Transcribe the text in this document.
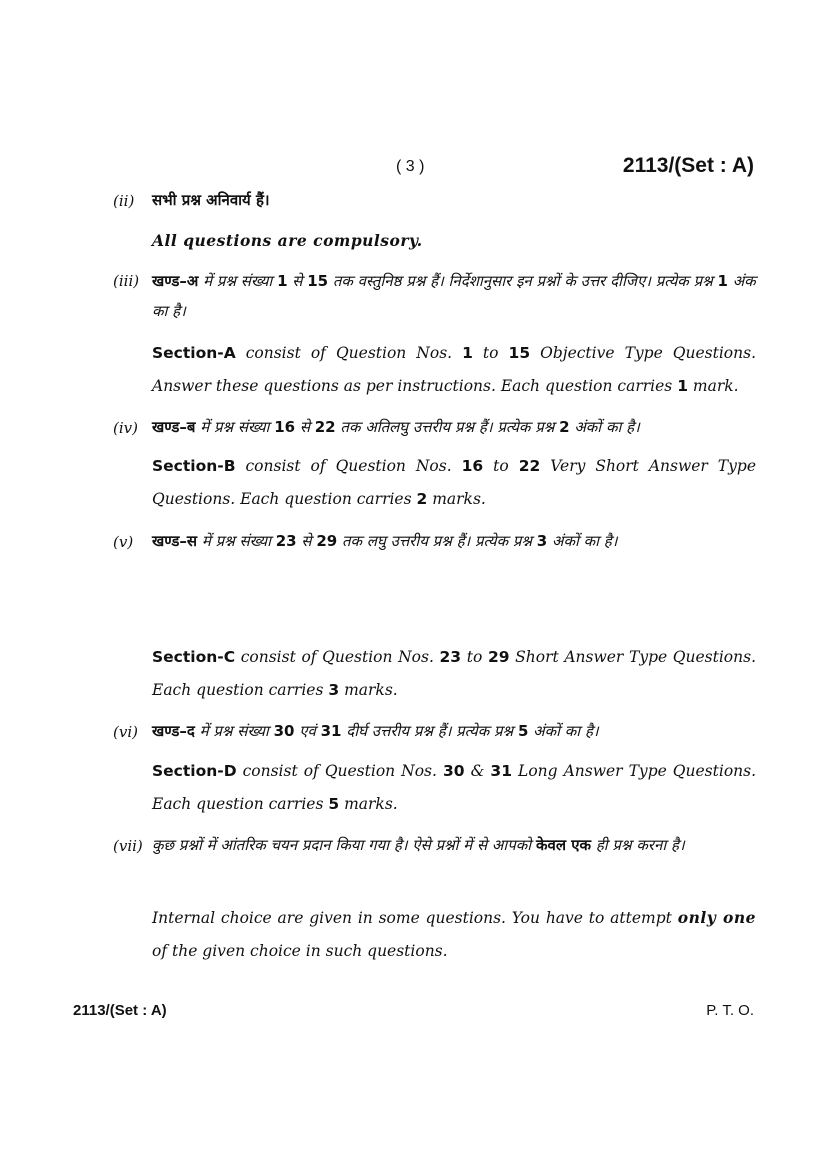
( 3 )	2113/(Set : A)
(ii) सभी प्रश्न अनिवार्य हैं।
All questions are compulsory.
(iii) खण्ड–अ में प्रश्न संख्या 1 से 15 तक वस्तुनिष्ठ प्रश्न हैं। निर्देशानुसार इन प्रश्नों के उत्तर दीजिए। प्रत्येक प्रश्न 1 अंक का है।
Section-A consist of Question Nos. 1 to 15 Objective Type Questions. Answer these questions as per instructions. Each question carries 1 mark.
(iv) खण्ड–ब में प्रश्न संख्या 16 से 22 तक अतिलघु उत्तरीय प्रश्न हैं। प्रत्येक प्रश्न 2 अंकों का है।
Section-B consist of Question Nos. 16 to 22 Very Short Answer Type Questions. Each question carries 2 marks.
(v) खण्ड–स में प्रश्न संख्या 23 से 29 तक लघु उत्तरीय प्रश्न हैं। प्रत्येक प्रश्न 3 अंकों का है।
Section-C consist of Question Nos. 23 to 29 Short Answer Type Questions. Each question carries 3 marks.
(vi) खण्ड–द में प्रश्न संख्या 30 एवं 31 दीर्घ उत्तरीय प्रश्न हैं। प्रत्येक प्रश्न 5 अंकों का है।
Section-D consist of Question Nos. 30 & 31 Long Answer Type Questions. Each question carries 5 marks.
(vii) कुछ प्रश्नों में आंतरिक चयन प्रदान किया गया है। ऐसे प्रश्नों में से आपको केवल एक ही प्रश्न करना है।
Internal choice are given in some questions. You have to attempt only one of the given choice in such questions.
2113/(Set : A)	P. T. O.
